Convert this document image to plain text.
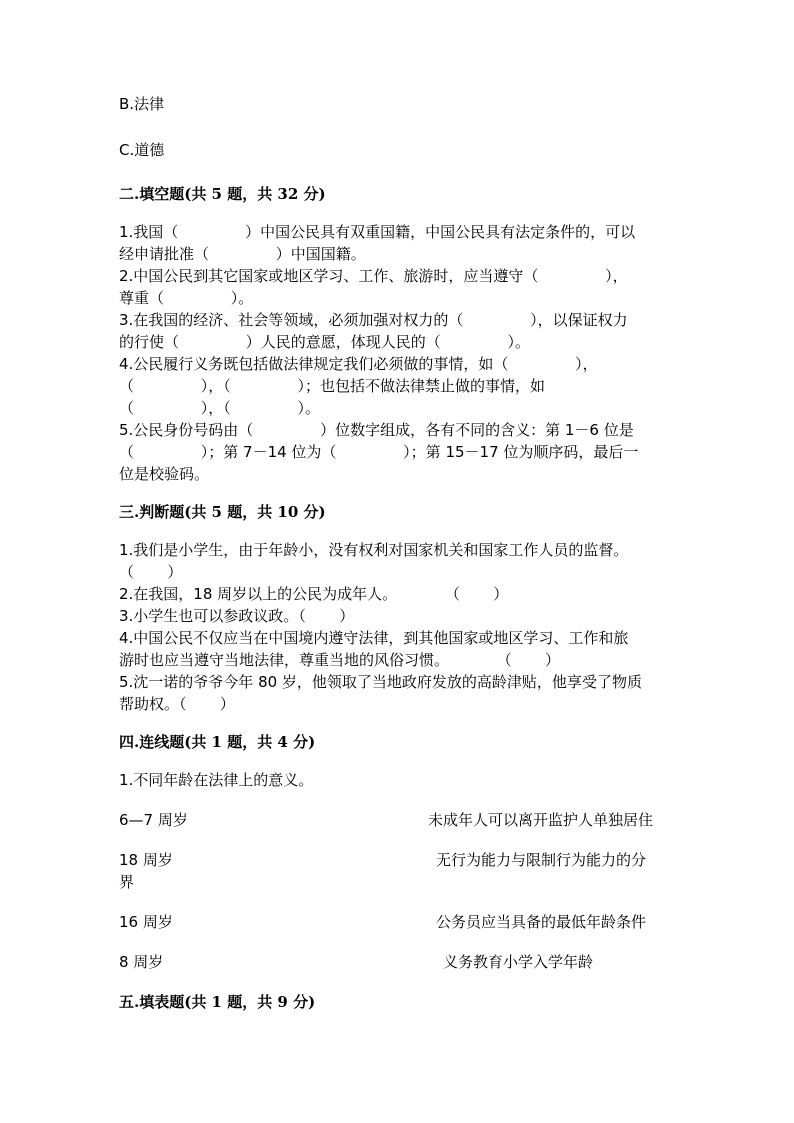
B.法律
C.道德
二.填空题(共 5 题，共 32 分)
1.我国（              ）中国公民具有双重国籍，中国公民具有法定条件的，可以
经申请批准（              ）中国国籍。
2.中国公民到其它国家或地区学习、工作、旅游时，应当遵守（              ），
尊重（              ）。
3.在我国的经济、社会等领域，必须加强对权力的（              ），以保证权力
的行使（              ）人民的意愿，体现人民的（              ）。
4.公民履行义务既包括做法律规定我们必须做的事情，如（              ），
（              ），（              ）；也包括不做法律禁止做的事情，如
（              ），（              ）。
5.公民身份号码由（              ）位数字组成，各有不同的含义：第 1－6 位是
（              ）；第 7－14 位为（              ）；第 15－17 位为顺序码，最后一
位是校验码。
三.判断题(共 5 题，共 10 分)
1.我们是小学生，由于年龄小，没有权利对国家机关和国家工作人员的监督。
（       ）
2.在我国，18 周岁以上的公民为成年人。          （       ）
3.小学生也可以参政议政。（       ）
4.中国公民不仅应当在中国境内遵守法律，到其他国家或地区学习、工作和旅
游时也应当遵守当地法律，尊重当地的风俗习惯。          （       ）
5.沈一诺的爷爷今年 80 岁，他领取了当地政府发放的高龄津贴，他享受了物质
帮助权。（       ）
四.连线题(共 1 题，共 4 分)
1.不同年龄在法律上的意义。
6—7 周岁	未成年人可以离开监护人单独居住
18 周岁	无行为能力与限制行为能力的分
界
16 周岁	公务员应当具备的最低年龄条件
8 周岁	义务教育小学入学年龄
五.填表题(共 1 题，共 9 分)
